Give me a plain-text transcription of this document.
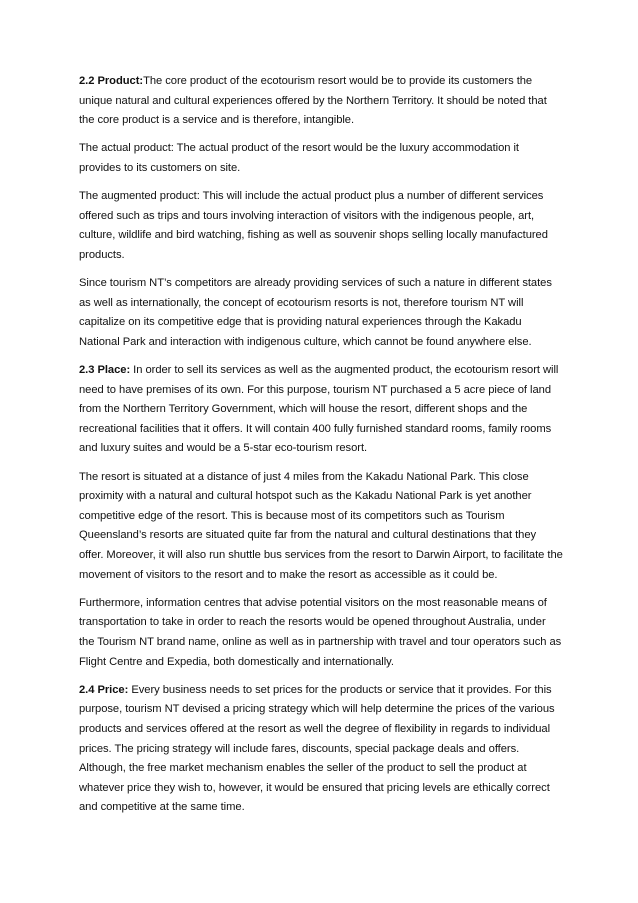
2.2 Product:The core product of the ecotourism resort would be to provide its customers the unique natural and cultural experiences offered by the Northern Territory. It should be noted that the core product is a service and is therefore, intangible.

The actual product: The actual product of the resort would be the luxury accommodation it provides to its customers on site.

The augmented product: This will include the actual product plus a number of different services offered such as trips and tours involving interaction of visitors with the indigenous people, art, culture, wildlife and bird watching, fishing as well as souvenir shops selling locally manufactured products.

Since tourism NT’s competitors are already providing services of such a nature in different states as well as internationally, the concept of ecotourism resorts is not, therefore tourism NT will capitalize on its competitive edge that is providing natural experiences through the Kakadu National Park and interaction with indigenous culture, which cannot be found anywhere else.

2.3 Place: In order to sell its services as well as the augmented product, the ecotourism resort will need to have premises of its own. For this purpose, tourism NT purchased a 5 acre piece of land from the Northern Territory Government, which will house the resort, different shops and the recreational facilities that it offers. It will contain 400 fully furnished standard rooms, family rooms and luxury suites and would be a 5-star eco-tourism resort.

The resort is situated at a distance of just 4 miles from the Kakadu National Park. This close proximity with a natural and cultural hotspot such as the Kakadu National Park is yet another competitive edge of the resort. This is because most of its competitors such as Tourism Queensland’s resorts are situated quite far from the natural and cultural destinations that they offer. Moreover, it will also run shuttle bus services from the resort to Darwin Airport, to facilitate the movement of visitors to the resort and to make the resort as accessible as it could be.

Furthermore, information centres that advise potential visitors on the most reasonable means of transportation to take in order to reach the resorts would be opened throughout Australia, under the Tourism NT brand name, online as well as in partnership with travel and tour operators such as Flight Centre and Expedia, both domestically and internationally.

2.4 Price: Every business needs to set prices for the products or service that it provides. For this purpose, tourism NT devised a pricing strategy which will help determine the prices of the various products and services offered at the resort as well the degree of flexibility in regards to individual prices. The pricing strategy will include fares, discounts, special package deals and offers. Although, the free market mechanism enables the seller of the product to sell the product at whatever price they wish to, however, it would be ensured that pricing levels are ethically correct and competitive at the same time.
